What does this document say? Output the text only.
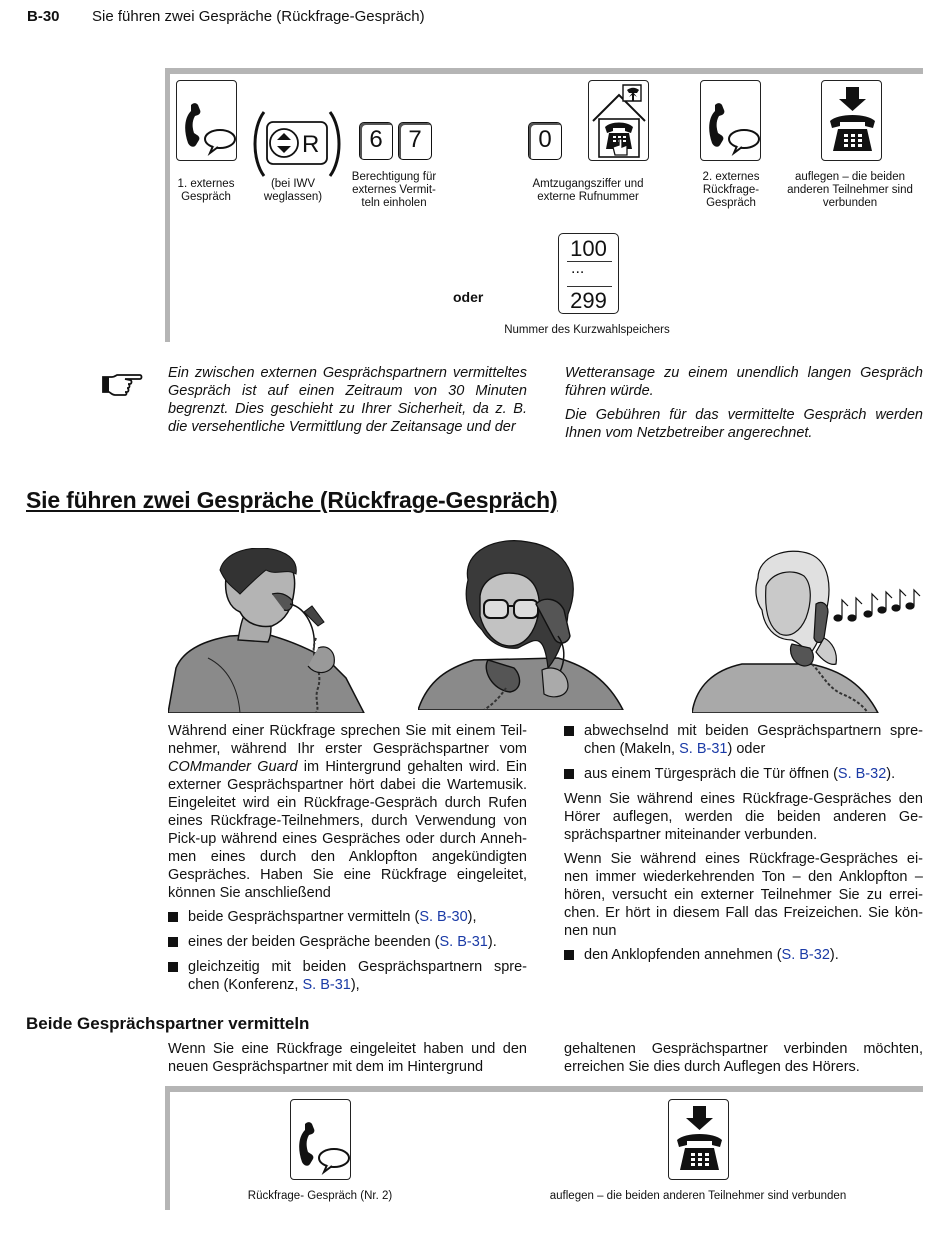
B-30 Sie führen zwei Gespräche (Rückfrage-Gespräch)
1. externes Gespräch
R
(bei IWV weglassen)
6	7
Berechtigung für externes Vermit- teln einholen
0
Amtzugangsziffer und externe Rufnummer
2. externes Rückfrage- Gespräch
auflegen – die beiden anderen Teilnehmer sind verbunden
oder
100
...
299
Nummer des Kurzwahlspeichers
Ein zwischen externen Gesprächspartnern vermitteltes Gespräch ist auf einen Zeitraum von 30 Minuten begrenzt. Dies geschieht zu Ihrer Sicherheit, da z. B. die versehentliche Vermittlung der Zeitansage und der
Wetteransage zu einem unendlich langen Gespräch führen würde.
Die Gebühren für das vermittelte Gespräch werden Ihnen vom Netzbetreiber angerechnet.
Sie führen zwei Gespräche (Rückfrage-Gespräch)
Während einer Rückfrage sprechen Sie mit einem Teil- nehmer, während Ihr erster Gesprächspartner vom COMmander Guard im Hintergrund gehalten wird. Ein externer Gesprächspartner hört dabei die Wartemusik. Eingeleitet wird ein Rückfrage-Gespräch durch Rufen eines Rückfrage-Teilnehmers, durch Verwendung von Pick-up während eines Gespräches oder durch Anneh- men eines durch den Anklopfton angekündigten Gespräches. Haben Sie eine Rückfrage eingeleitet, können Sie anschließend
beide Gesprächspartner vermitteln (S. B-30),
eines der beiden Gespräche beenden (S. B-31).
gleichzeitig mit beiden Gesprächspartnern spre- chen (Konferenz, S. B-31),
abwechselnd mit beiden Gesprächspartnern spre- chen (Makeln, S. B-31) oder
aus einem Türgespräch die Tür öffnen (S. B-32).
Wenn Sie während eines Rückfrage-Gespräches den Hörer auflegen, werden die beiden anderen Ge- sprächspartner miteinander verbunden.
Wenn Sie während eines Rückfrage-Gespräches ei- nen immer wiederkehrenden Ton – den Anklopfton – hören, versucht ein externer Teilnehmer Sie zu errei- chen. Er hört in diesem Fall das Freizeichen. Sie kön- nen nun
den Anklopfenden annehmen (S. B-32).
Beide Gesprächspartner vermitteln
Wenn Sie eine Rückfrage eingeleitet haben und den neuen Gesprächspartner mit dem im Hintergrund
gehaltenen Gesprächspartner verbinden möchten, erreichen Sie dies durch Auflegen des Hörers.
Rückfrage- Gespräch (Nr. 2)	auflegen – die beiden anderen Teilnehmer sind verbunden
